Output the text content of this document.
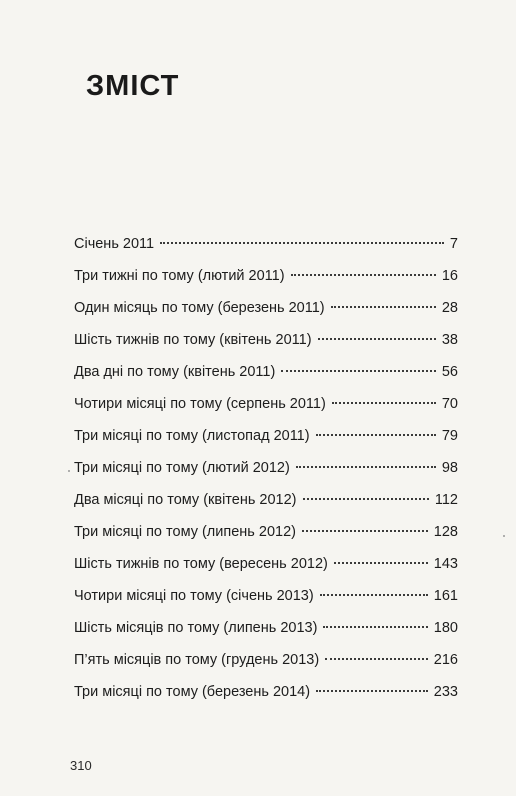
ЗМІСТ
Січень 2011	7
Три тижні по тому (лютий 2011)	16
Один місяць по тому (березень 2011)	28
Шість тижнів по тому (квітень 2011)	38
Два дні по тому (квітень 2011)	56
Чотири місяці по тому (серпень 2011)	70
Три місяці по тому (листопад 2011)	79
Три місяці по тому (лютий 2012)	98
Два місяці по тому (квітень 2012)	112
Три місяці по тому (липень 2012)	128
Шість тижнів по тому (вересень 2012)	143
Чотири місяці по тому (січень 2013)	161
Шість місяців по тому (липень 2013)	180
П’ять місяців по тому (грудень 2013)	216
Три місяці по тому (березень 2014)	233
310
